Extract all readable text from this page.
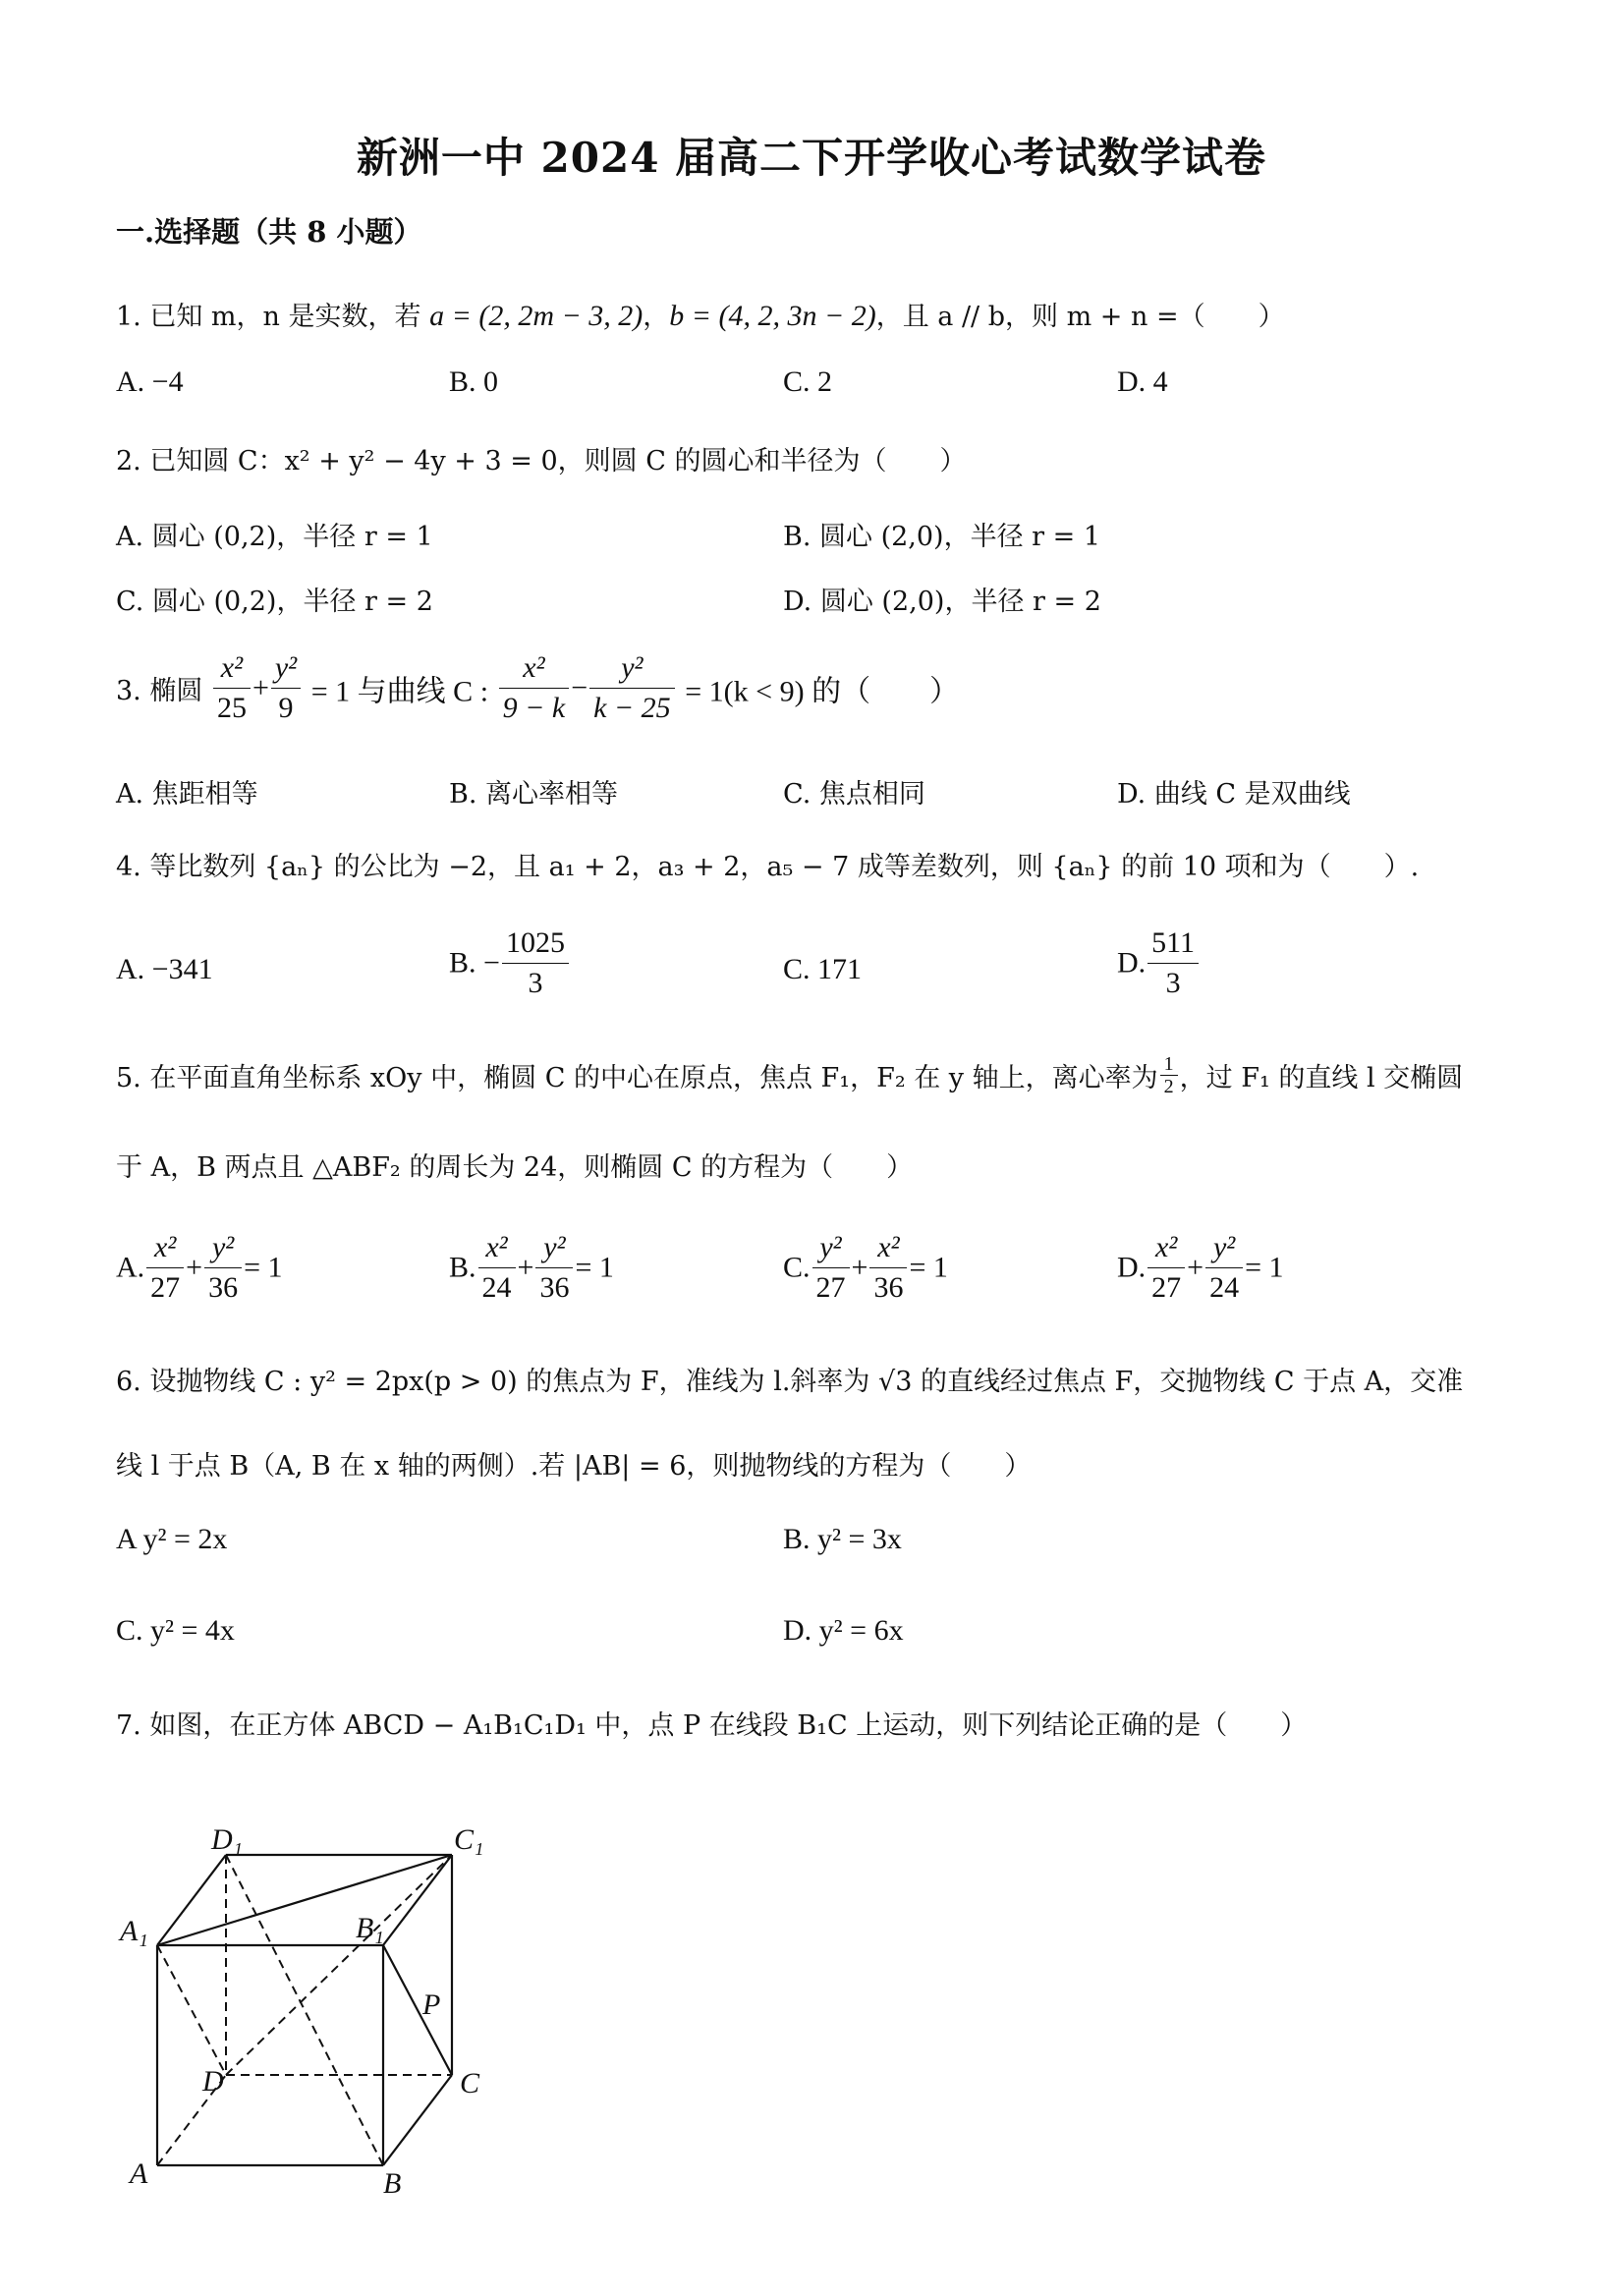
新洲一中 2024 届高二下开学收心考试数学试卷
一.选择题（共 8 小题）
1. 已知 m，n 是实数，若 a = (2, 2m − 3, 2)，b = (4, 2, 3n − 2)，且 a // b，则 m + n =（　　）
A. −4	B. 0	C. 2	D. 4
2. 已知圆 C：x² + y² − 4y + 3 = 0，则圆 C 的圆心和半径为（　　）
A. 圆心 (0,2)，半径 r = 1	B. 圆心 (2,0)，半径 r = 1
C. 圆心 (0,2)，半径 r = 2	D. 圆心 (2,0)，半径 r = 2
3. 椭圆 $\frac{\text{x²}}{25} + \frac{\text{y²}}{9} = 1$ 与曲线 C : $\frac{\text{x²}}{9 - k} - \frac{\text{y²}}{k - 25} = 1(k < 9)$ 的（　　）
A. 焦距相等	B. 离心率相等	C. 焦点相同	D. 曲线 C 是双曲线
4. 等比数列 {aₙ} 的公比为 −2，且 a₁ + 2，a₃ + 2，a₅ − 7 成等差数列，则 {aₙ} 的前 10 项和为（　　）.
A. −341	B. − $\frac{1025}{3}$	C. 171	D. $\frac{511}{3}$
5. 在平面直角坐标系 xOy 中，椭圆 C 的中心在原点，焦点 F₁，F₂ 在 y 轴上，离心率为 $\frac{1}{2}$ ，过 F₁ 的直线 l 交椭圆
于 A，B 两点且 △ABF₂ 的周长为 24，则椭圆 C 的方程为（　　）
A. $\frac{\text{x²}}{27} + \frac{\text{y²}}{36} = 1$	B. $\frac{\text{x²}}{24} + \frac{\text{y²}}{36} = 1$	C. $\frac{\text{y²}}{27} + \frac{\text{x²}}{36} = 1$	D. $\frac{\text{x²}}{27} + \frac{\text{y²}}{24} = 1$
6. 设抛物线 C : y² = 2px(p > 0) 的焦点为 F，准线为 l.斜率为 √3 的直线经过焦点 F，交抛物线 C 于点 A，交准
线 l 于点 B（A, B 在 x 轴的两侧）.若 |AB| = 6，则抛物线的方程为（　　）
A y² = 2x	B. y² = 3x
C. y² = 4x	D. y² = 6x
7. 如图，在正方体 ABCD − A₁B₁C₁D₁ 中，点 P 在线段 B₁C 上运动，则下列结论正确的是（　　）
D₁	C₁
A₁	B₁
P
D	C
A	B
